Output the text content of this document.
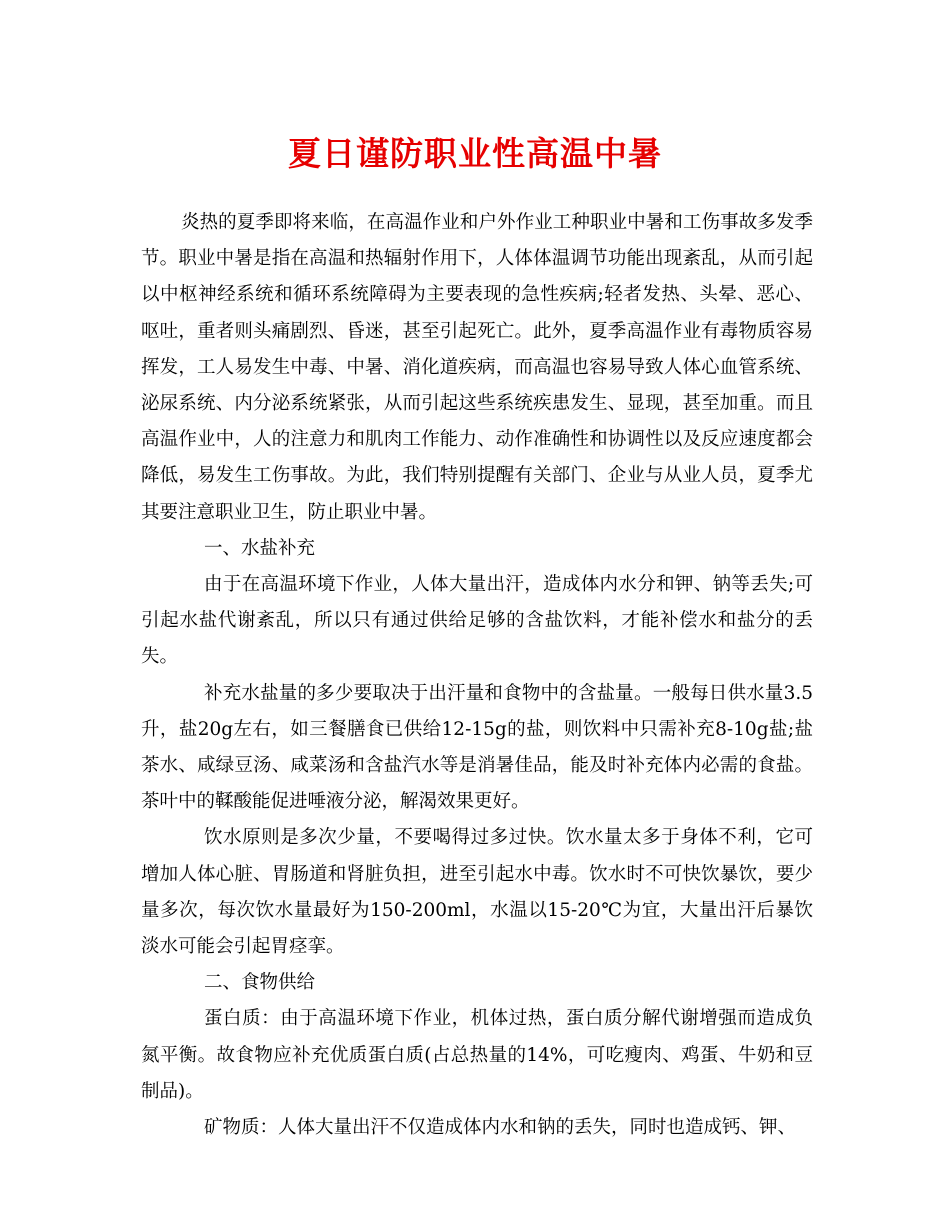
夏日谨防职业性高温中暑

炎热的夏季即将来临，在高温作业和户外作业工种职业中暑和工伤事故多发季节。职业中暑是指在高温和热辐射作用下，人体体温调节功能出现紊乱，从而引起以中枢神经系统和循环系统障碍为主要表现的急性疾病;轻者发热、头晕、恶心、呕吐，重者则头痛剧烈、昏迷，甚至引起死亡。此外，夏季高温作业有毒物质容易挥发，工人易发生中毒、中暑、消化道疾病，而高温也容易导致人体心血管系统、泌尿系统、内分泌系统紧张，从而引起这些系统疾患发生、显现，甚至加重。而且高温作业中，人的注意力和肌肉工作能力、动作准确性和协调性以及反应速度都会降低，易发生工伤事故。为此，我们特别提醒有关部门、企业与从业人员，夏季尤其要注意职业卫生，防止职业中暑。

一、水盐补充

由于在高温环境下作业，人体大量出汗，造成体内水分和钾、钠等丢失;可引起水盐代谢紊乱，所以只有通过供给足够的含盐饮料，才能补偿水和盐分的丢失。

补充水盐量的多少要取决于出汗量和食物中的含盐量。一般每日供水量3.5升，盐20g左右，如三餐膳食已供给12-15g的盐，则饮料中只需补充8-10g盐;盐茶水、咸绿豆汤、咸菜汤和含盐汽水等是消暑佳品，能及时补充体内必需的食盐。茶叶中的鞣酸能促进唾液分泌，解渴效果更好。

饮水原则是多次少量，不要喝得过多过快。饮水量太多于身体不利，它可增加人体心脏、胃肠道和肾脏负担，进至引起水中毒。饮水时不可快饮暴饮，要少量多次，每次饮水量最好为150-200ml，水温以15-20℃为宜，大量出汗后暴饮淡水可能会引起胃痉挛。

二、食物供给

蛋白质：由于高温环境下作业，机体过热，蛋白质分解代谢增强而造成负氮平衡。故食物应补充优质蛋白质(占总热量的14%，可吃瘦肉、鸡蛋、牛奶和豆制品)。

矿物质：人体大量出汗不仅造成体内水和钠的丢失，同时也造成钙、钾、
